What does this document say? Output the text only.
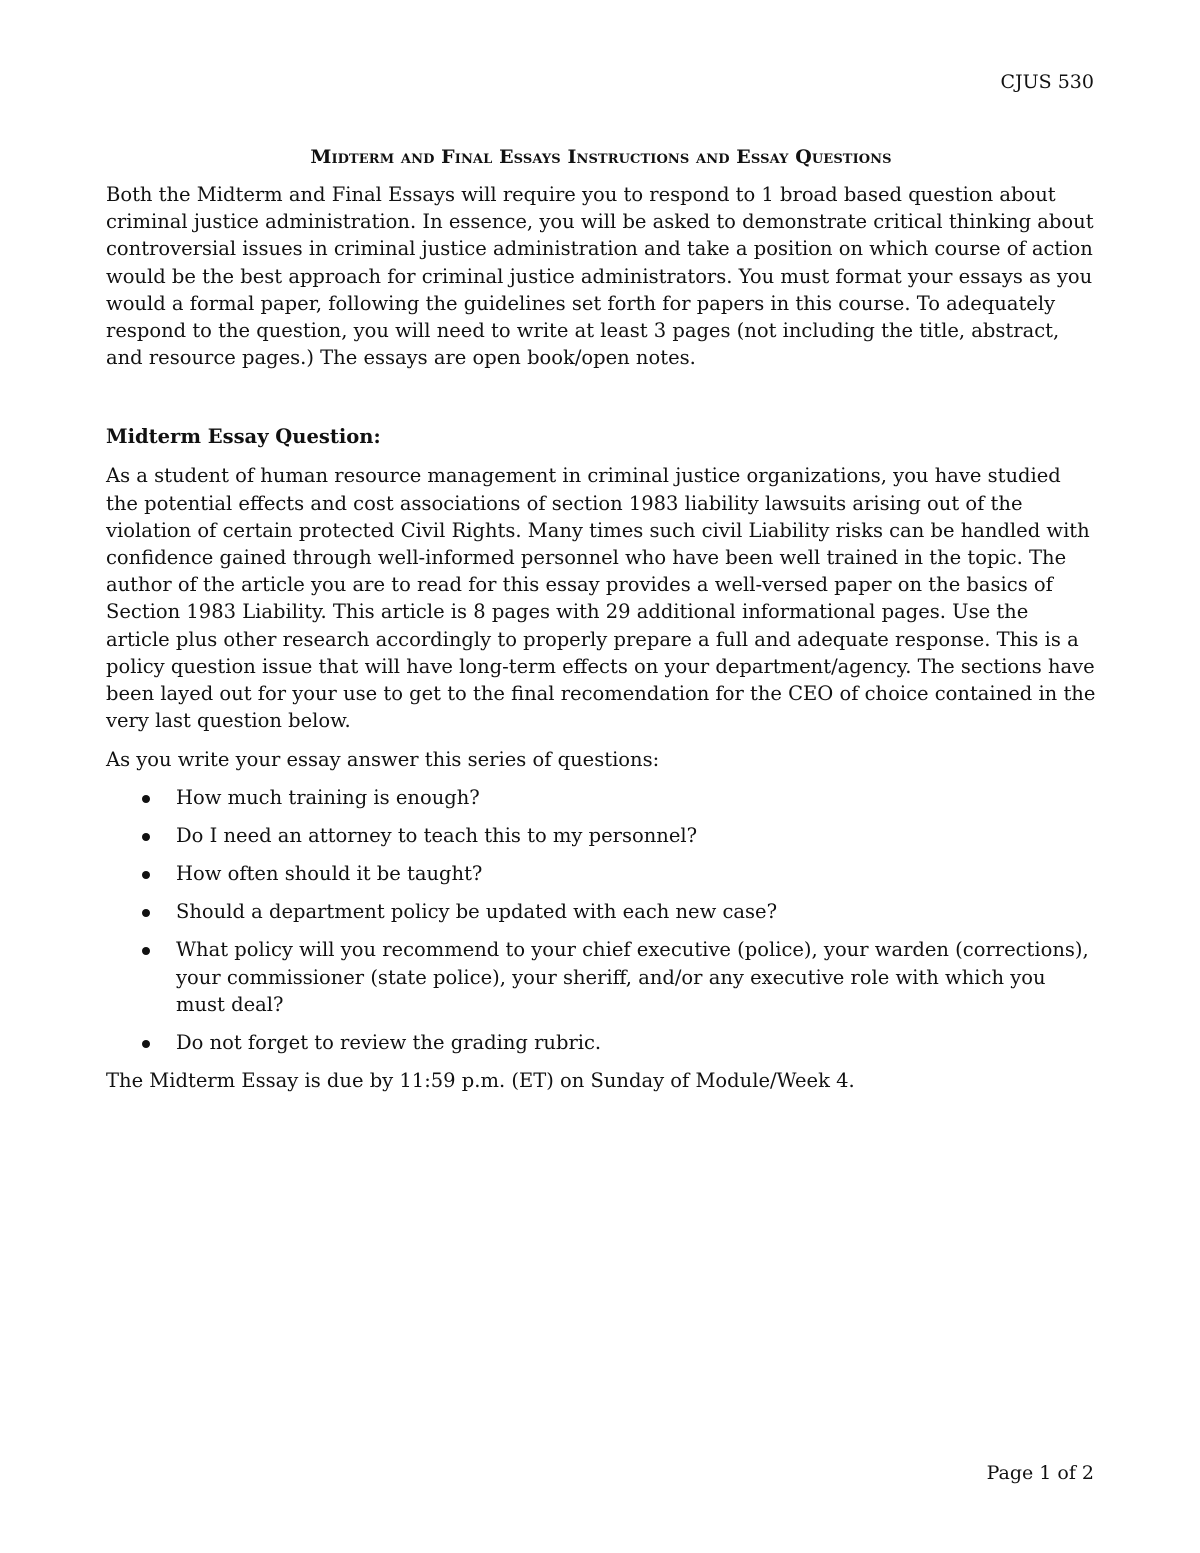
CJUS 530
Midterm and Final Essays Instructions and Essay Questions

Both the Midterm and Final Essays will require you to respond to 1 broad based question about criminal justice administration. In essence, you will be asked to demonstrate critical thinking about controversial issues in criminal justice administration and take a position on which course of action would be the best approach for criminal justice administrators. You must format your essays as you would a formal paper, following the guidelines set forth for papers in this course. To adequately respond to the question, you will need to write at least 3 pages (not including the title, abstract, and resource pages.) The essays are open book/open notes.

Midterm Essay Question:

As a student of human resource management in criminal justice organizations, you have studied the potential effects and cost associations of section 1983 liability lawsuits arising out of the violation of certain protected Civil Rights. Many times such civil Liability risks can be handled with confidence gained through well-informed personnel who have been well trained in the topic. The author of the article you are to read for this essay provides a well-versed paper on the basics of Section 1983 Liability. This article is 8 pages with 29 additional informational pages. Use the article plus other research accordingly to properly prepare a full and adequate response. This is a policy question issue that will have long-term effects on your department/agency. The sections have been layed out for your use to get to the final recomendation for the CEO of choice contained in the very last question below.

As you write your essay answer this series of questions:

How much training is enough?
Do I need an attorney to teach this to my personnel?
How often should it be taught?
Should a department policy be updated with each new case?
What policy will you recommend to your chief executive (police), your warden (corrections), your commissioner (state police), your sheriff, and/or any executive role with which you must deal?
Do not forget to review the grading rubric.

The Midterm Essay is due by 11:59 p.m. (ET) on Sunday of Module/Week 4.

Page 1 of 2
